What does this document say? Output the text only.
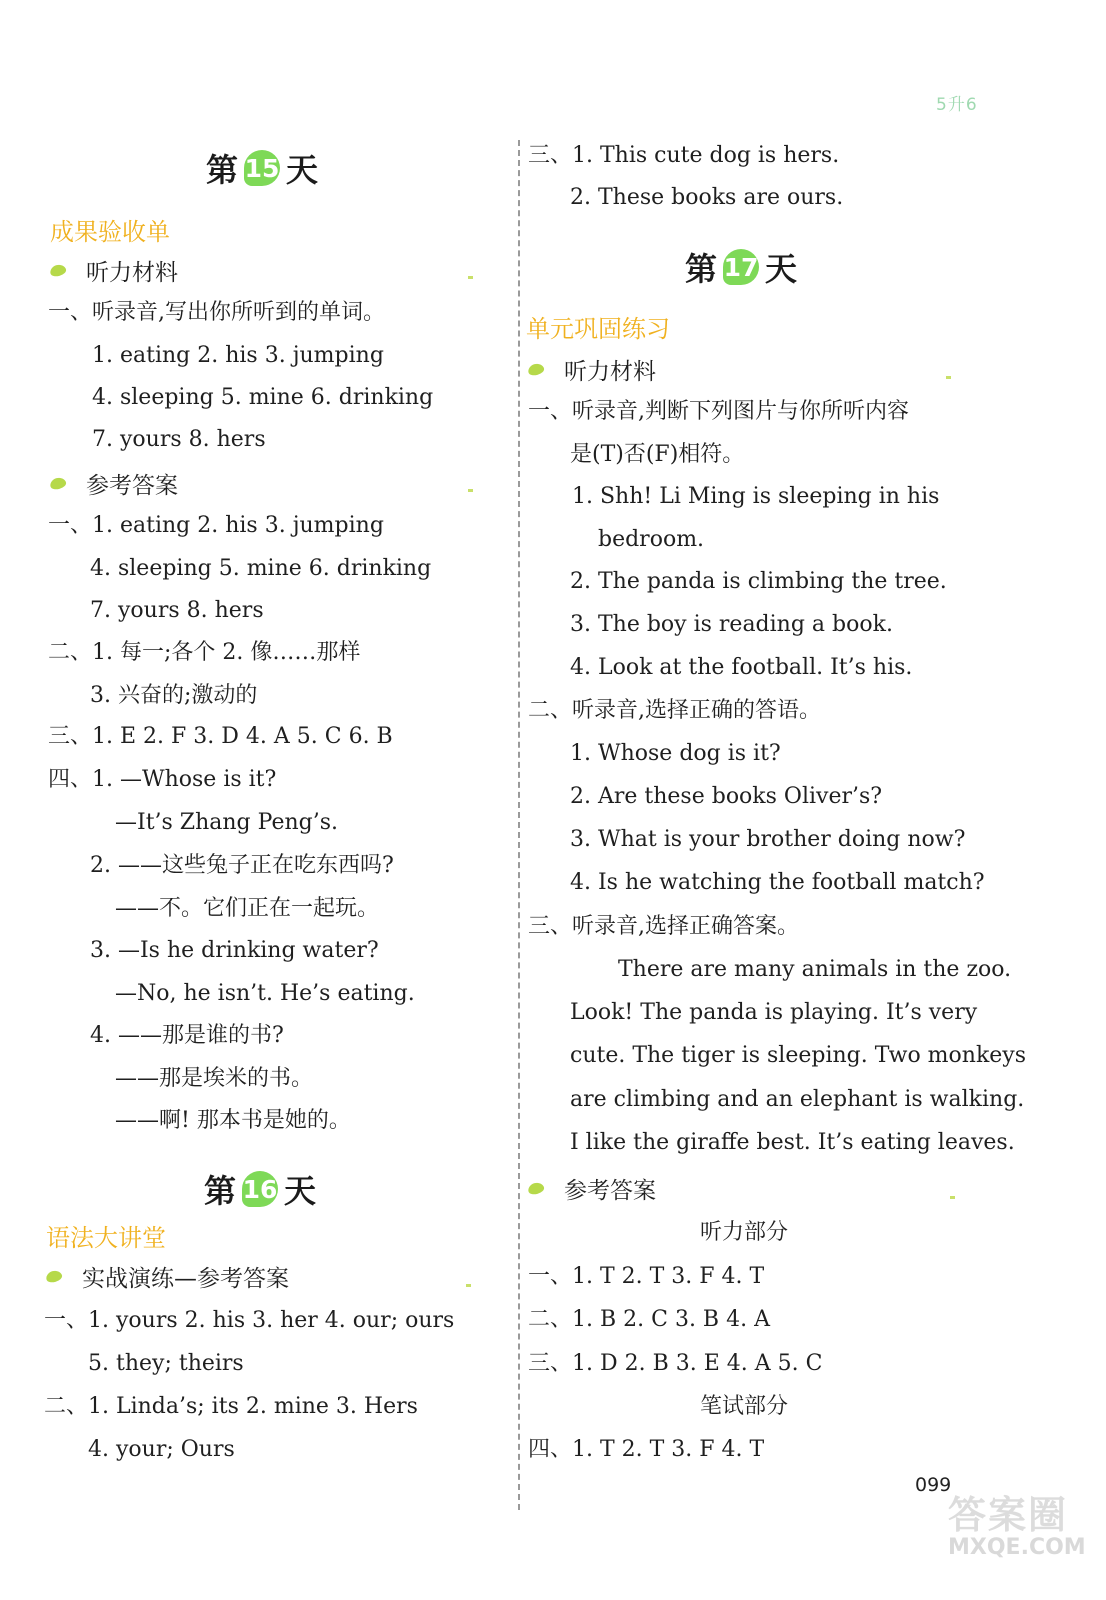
5升6
第 15 天
成果验收单
听力材料
一、听录音,写出你所听到的单词。
1. eating 2. his 3. jumping
4. sleeping 5. mine 6. drinking
7. yours 8. hers
参考答案
一、1. eating 2. his 3. jumping
4. sleeping 5. mine 6. drinking
7. yours 8. hers
二、1. 每一;各个 2. 像……那样
3. 兴奋的;激动的
三、1. E 2. F 3. D 4. A 5. C 6. B
四、1. —Whose is it?
—It’s Zhang Peng’s.
2. ——这些兔子正在吃东西吗?
——不。它们正在一起玩。
3. —Is he drinking water?
—No, he isn’t. He’s eating.
4. ——那是谁的书?
——那是埃米的书。
——啊! 那本书是她的。
第 16 天
语法大讲堂
实战演练—参考答案
一、1. yours 2. his 3. her 4. our; ours
5. they; theirs
二、1. Linda’s; its 2. mine 3. Hers
4. your; Ours
三、1. This cute dog is hers.
2. These books are ours.
第 17 天
单元巩固练习
听力材料
一、听录音,判断下列图片与你所听内容
是(T)否(F)相符。
1. Shh! Li Ming is sleeping in his
bedroom.
2. The panda is climbing the tree.
3. The boy is reading a book.
4. Look at the football. It’s his.
二、听录音,选择正确的答语。
1. Whose dog is it?
2. Are these books Oliver’s?
3. What is your brother doing now?
4. Is he watching the football match?
三、听录音,选择正确答案。
There are many animals in the zoo.
Look! The panda is playing. It’s very
cute. The tiger is sleeping. Two monkeys
are climbing and an elephant is walking.
I like the giraffe best. It’s eating leaves.
参考答案
听力部分
一、1. T 2. T 3. F 4. T
二、1. B 2. C 3. B 4. A
三、1. D 2. B 3. E 4. A 5. C
笔试部分
四、1. T 2. T 3. F 4. T
099
答案圈
MXQE.COM
